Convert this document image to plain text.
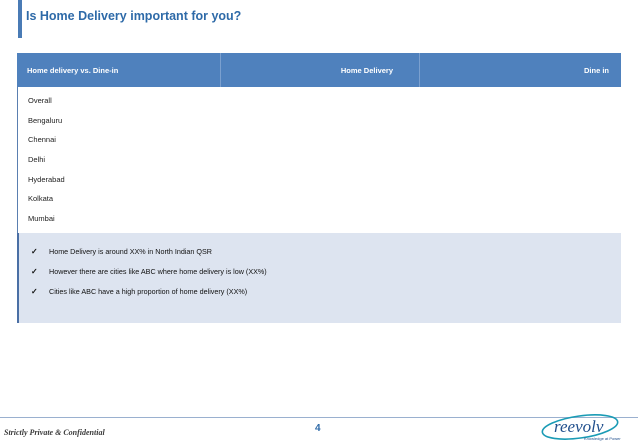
Is Home Delivery important for you?
Home delivery vs. Dine-in	Home Delivery	Dine in
Overall
Bengaluru
Chennai
Delhi
Hyderabad
Kolkata
Mumbai
✓	Home Delivery is around XX% in North Indian QSR
✓	However there are cities like ABC where home delivery is low (XX%)
✓	Cities like ABC have a high proportion of home delivery (XX%)
Strictly Private & Confidential	4	reevolv
Knowledge at Power
